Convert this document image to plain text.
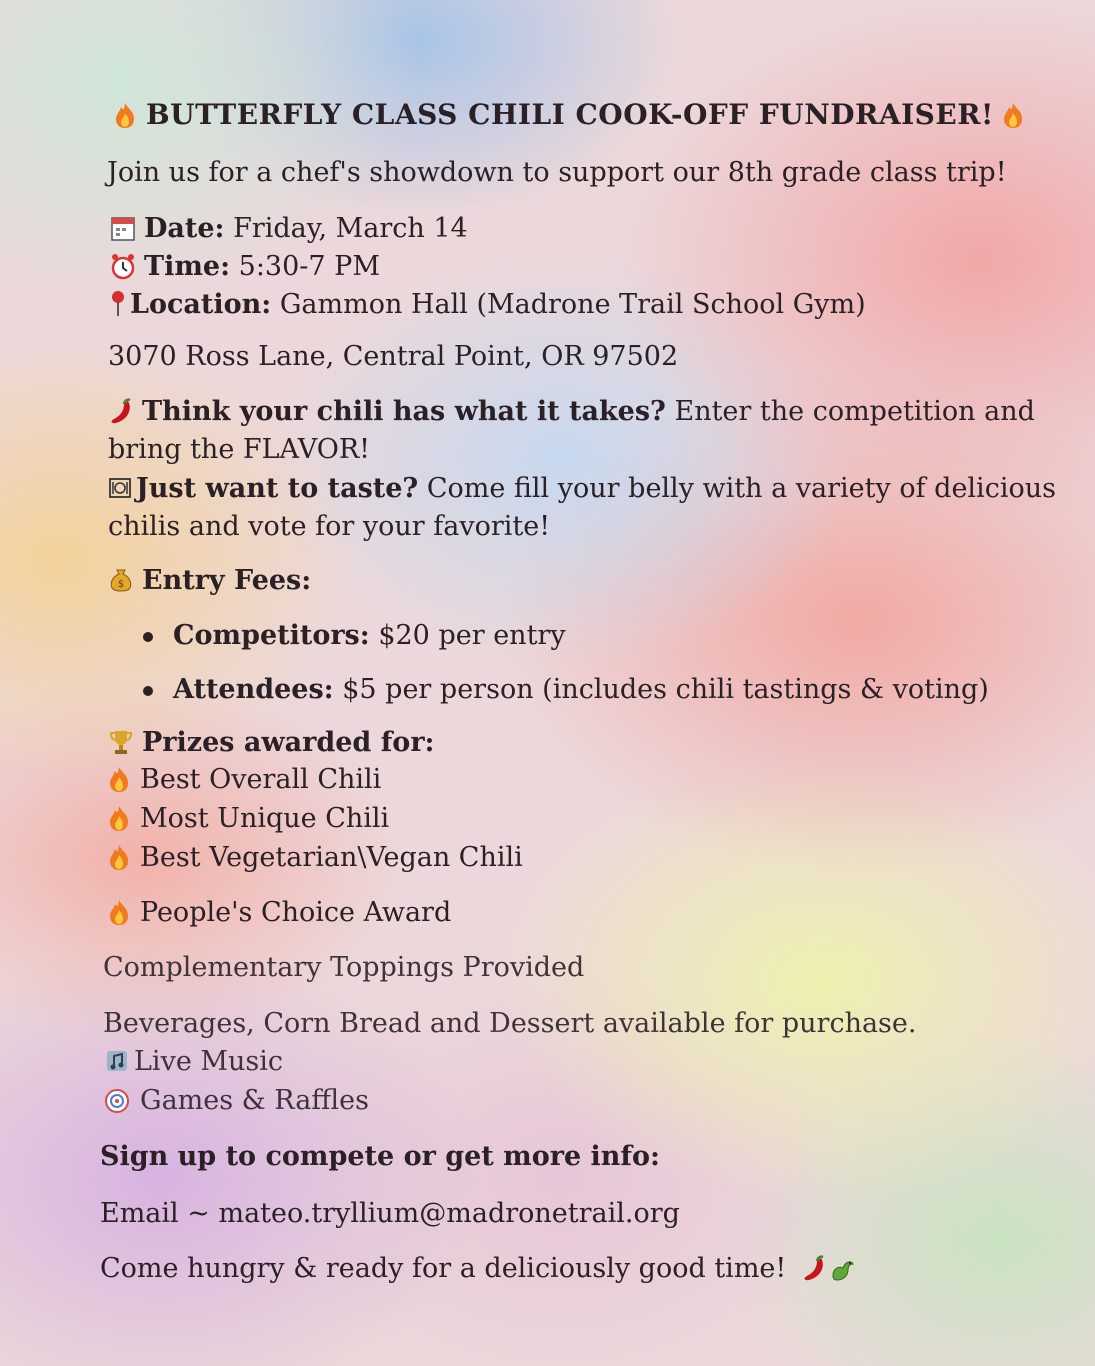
BUTTERFLY CLASS CHILI COOK-OFF FUNDRAISER!
Join us for a chef's showdown to support our 8th grade class trip!
Date: Friday, March 14
Time: 5:30-7 PM
Location: Gammon Hall (Madrone Trail School Gym)
3070 Ross Lane, Central Point, OR 97502
Think your chili has what it takes? Enter the competition and
bring the FLAVOR!
Just want to taste? Come fill your belly with a variety of delicious
chilis and vote for your favorite!
$ Entry Fees:
Competitors: $20 per entry
Attendees: $5 per person (includes chili tastings & voting)
Prizes awarded for:
Best Overall Chili
Most Unique Chili
Best Vegetarian\Vegan Chili
People's Choice Award
Complementary Toppings Provided
Beverages, Corn Bread and Dessert available for purchase.
Live Music
Games & Raffles
Sign up to compete or get more info:
Email ~ mateo.tryllium@madronetrail.org
Come hungry & ready for a deliciously good time!
